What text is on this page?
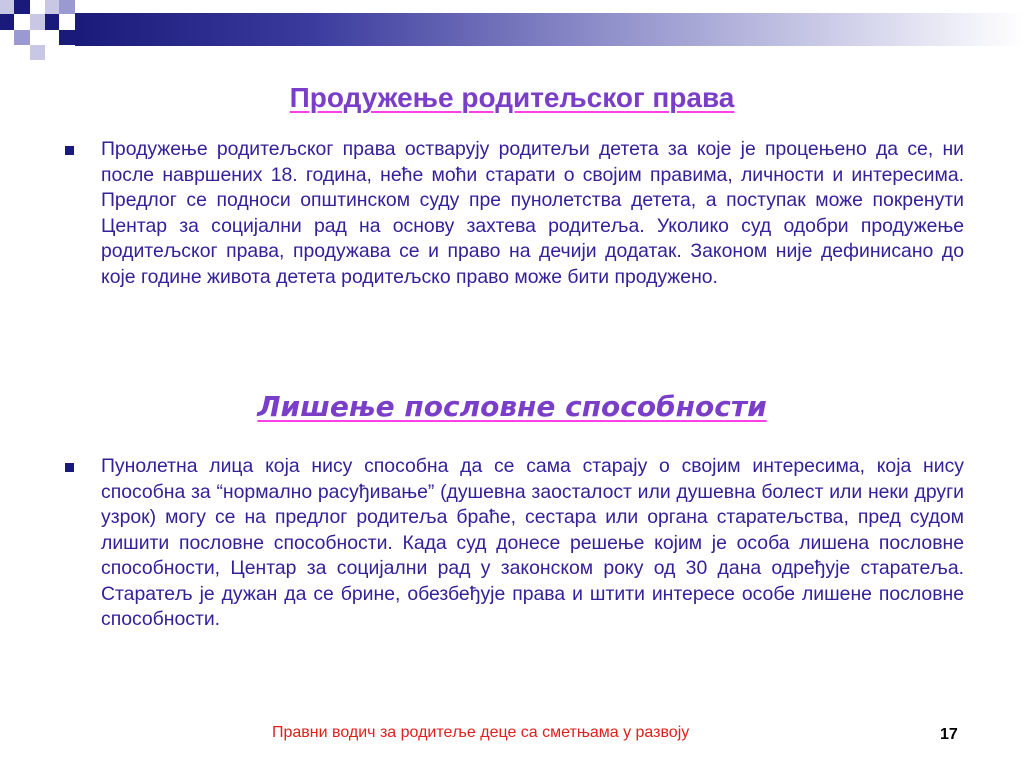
Продужење родитељског права

Продужење родитељског права остварују родитељи детета за које је процењено да се, ни после навршених 18. година, неће моћи старати о својим правима, личности и интересима. Предлог се подноси општинском суду пре пунолетства детета, а поступак може покренути Центар за социјални рад на основу захтева родитеља. Уколико суд одобри продужење родитељског права, продужава се и право на дечији додатак. Законом није дефинисано до које године живота детета родитељско право може бити продужено.

Лишење пословне способности

Пунолетна лица која нису способна да се сама старају о својим интересима, која нису способна за “нормално расуђивање” (душевна заосталост или душевна болест или неки други узрок) могу се на предлог родитеља браће, сестара или органа старатељства, пред судом лишити пословне способности. Када суд донесе решење којим је особа лишена пословне способности, Центар за социјални рад у законском року од 30 дана одређује старатеља. Старатељ је дужан да се брине, обезбеђује права и штити интересе особе лишене пословне способности.

Правни водич за родитеље деце са сметњама у развоју	17
